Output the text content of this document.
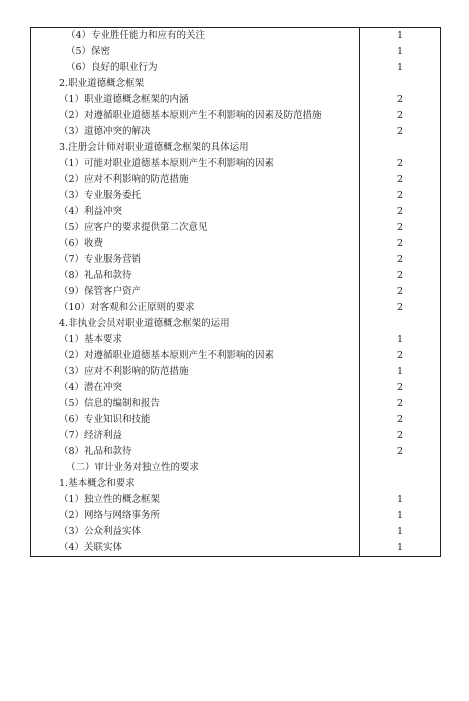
（4）专业胜任能力和应有的关注	1

（5）保密	1

（6）良好的职业行为	1

2.职业道德概念框架	

（1）职业道德概念框架的内涵	2

（2）对遵循职业道德基本原则产生不利影响的因素及防范措施	2

（3）道德冲突的解决	2

3.注册会计师对职业道德概念框架的具体运用	

（1）可能对职业道德基本原则产生不利影响的因素	2

（2）应对不利影响的防范措施	2

（3）专业服务委托	2

（4）利益冲突	2

（5）应客户的要求提供第二次意见	2

（6）收费	2

（7）专业服务营销	2

（8）礼品和款待	2

（9）保管客户资产	2

（10）对客观和公正原则的要求	2

4.非执业会员对职业道德概念框架的运用	

（1）基本要求	1

（2）对遵循职业道德基本原则产生不利影响的因素	2

（3）应对不利影响的防范措施	1

（4）潜在冲突	2

（5）信息的编制和报告	2

（6）专业知识和技能	2

（7）经济利益	2

（8）礼品和款待	2

（二）审计业务对独立性的要求	

1.基本概念和要求	

（1）独立性的概念框架	1

（2）网络与网络事务所	1

（3）公众利益实体	1

（4）关联实体	1
